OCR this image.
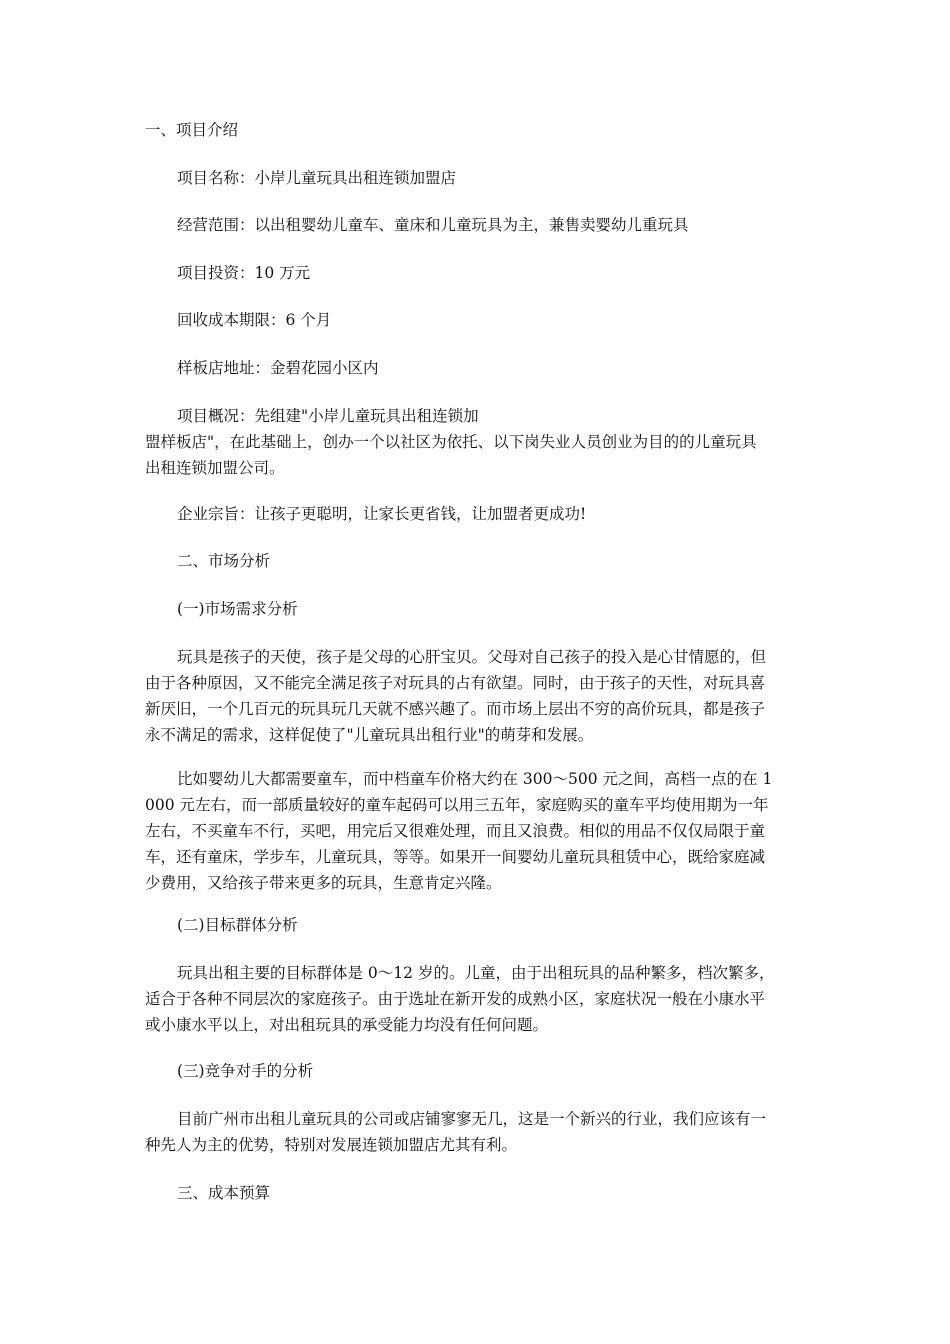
一、项目介绍

项目名称：小岸儿童玩具出租连锁加盟店

经营范围：以出租婴幼儿童车、童床和儿童玩具为主，兼售卖婴幼儿重玩具

项目投资：10 万元

回收成本期限：6 个月

样板店地址：金碧花园小区内

项目概况：先组建"小岸儿童玩具出租连锁加
盟样板店"，在此基础上，创办一个以社区为依托、以下岗失业人员创业为目的的儿童玩具
出租连锁加盟公司。

企业宗旨：让孩子更聪明，让家长更省钱，让加盟者更成功!

二、市场分析

(一)市场需求分析

玩具是孩子的天使，孩子是父母的心肝宝贝。父母对自己孩子的投入是心甘情愿的，但
由于各种原因，又不能完全满足孩子对玩具的占有欲望。同时，由于孩子的天性，对玩具喜
新厌旧，一个几百元的玩具玩几天就不感兴趣了。而市场上层出不穷的高价玩具，都是孩子
永不满足的需求，这样促使了"儿童玩具出租行业"的萌芽和发展。
比如婴幼儿大都需要童车，而中档童车价格大约在 300～500 元之间，高档一点的在 1
000 元左右，而一部质量较好的童车起码可以用三五年，家庭购买的童车平均使用期为一年
左右，不买童车不行，买吧，用完后又很难处理，而且又浪费。相似的用品不仅仅局限于童
车，还有童床，学步车，儿童玩具，等等。如果开一间婴幼儿童玩具租赁中心，既给家庭减
少费用，又给孩子带来更多的玩具，生意肯定兴隆。

(二)目标群体分析

玩具出租主要的目标群体是 0～12 岁的。儿童，由于出租玩具的品种繁多，档次繁多，
适合于各种不同层次的家庭孩子。由于选址在新开发的成熟小区，家庭状况一般在小康水平
或小康水平以上，对出租玩具的承受能力均没有任何问题。

(三)竞争对手的分析

目前广州市出租儿童玩具的公司或店铺寥寥无几，这是一个新兴的行业，我们应该有一
种先人为主的优势，特别对发展连锁加盟店尤其有利。

三、成本预算
